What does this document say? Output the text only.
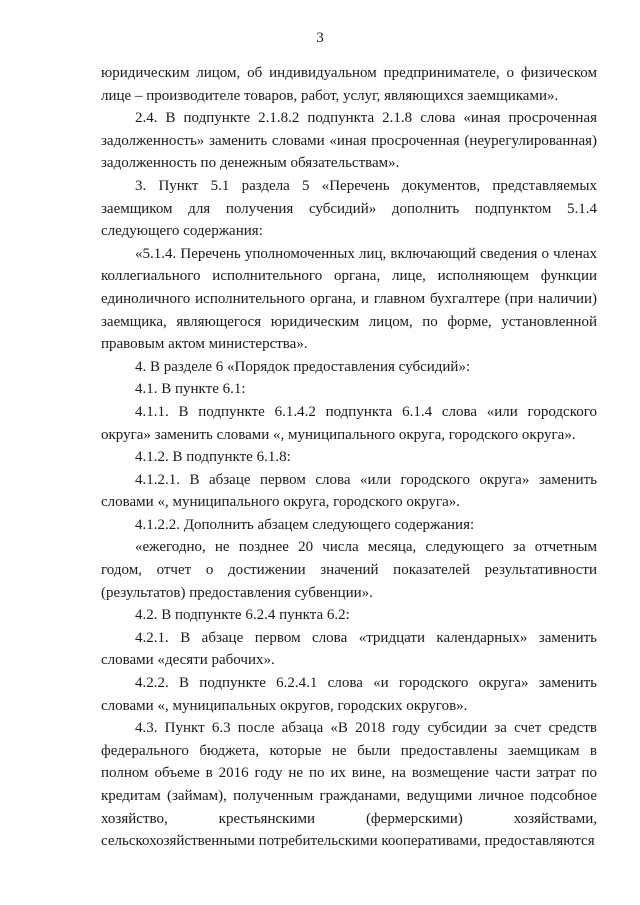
3

юридическим лицом, об индивидуальном предпринимателе, о физическом лице – производителе товаров, работ, услуг, являющихся заемщиками».

2.4. В подпункте 2.1.8.2 подпункта 2.1.8 слова «иная просроченная задолженность» заменить словами «иная просроченная (неурегулированная) задолженность по денежным обязательствам».

3. Пункт 5.1 раздела 5 «Перечень документов, представляемых заемщиком для получения субсидий» дополнить подпунктом 5.1.4 следующего содержания:

«5.1.4. Перечень уполномоченных лиц, включающий сведения о членах коллегиального исполнительного органа, лице, исполняющем функции единоличного исполнительного органа, и главном бухгалтере (при наличии) заемщика, являющегося юридическим лицом, по форме, установленной правовым актом министерства».

4. В разделе 6 «Порядок предоставления субсидий»:

4.1. В пункте 6.1:

4.1.1. В подпункте 6.1.4.2 подпункта 6.1.4 слова «или городского округа» заменить словами «, муниципального округа, городского округа».

4.1.2. В подпункте 6.1.8:

4.1.2.1. В абзаце первом слова «или городского округа» заменить словами «, муниципального округа, городского округа».

4.1.2.2. Дополнить абзацем следующего содержания:

«ежегодно, не позднее 20 числа месяца, следующего за отчетным годом, отчет о достижении значений показателей результативности (результатов) предоставления субвенции».

4.2. В подпункте 6.2.4 пункта 6.2:

4.2.1. В абзаце первом слова «тридцати календарных» заменить словами «десяти рабочих».

4.2.2. В подпункте 6.2.4.1 слова «и городского округа» заменить словами «, муниципальных округов, городских округов».

4.3. Пункт 6.3 после абзаца «В 2018 году субсидии за счет средств федерального бюджета, которые не были предоставлены заемщикам в полном объеме в 2016 году не по их вине, на возмещение части затрат по кредитам (займам), полученным гражданами, ведущими личное подсобное хозяйство, крестьянскими (фермерскими) хозяйствами, сельскохозяйственными потребительскими кооперативами, предоставляются
